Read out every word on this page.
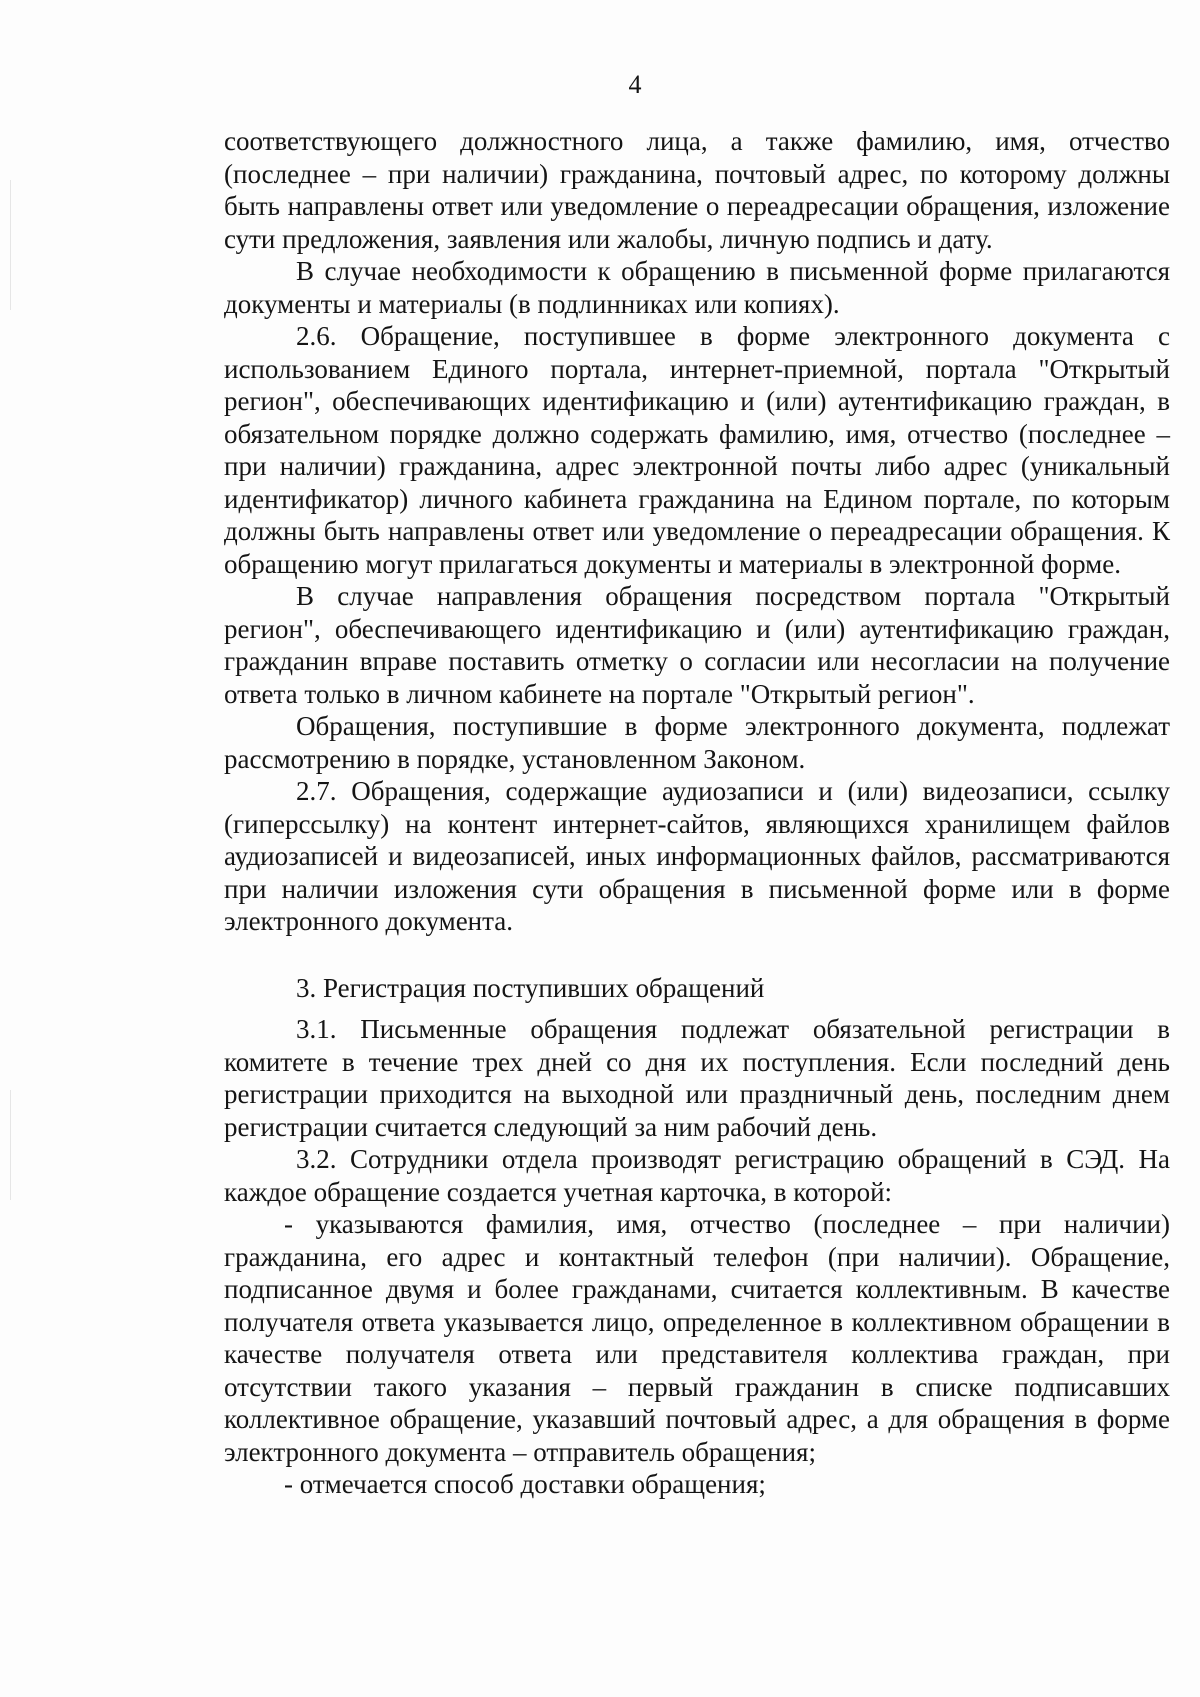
4

соответствующего должностного лица, а также фамилию, имя, отчество (последнее – при наличии) гражданина, почтовый адрес, по которому должны быть направлены ответ или уведомление о переадресации обращения, изложение сути предложения, заявления или жалобы, личную подпись и дату.

В случае необходимости к обращению в письменной форме прилагаются документы и материалы (в подлинниках или копиях).

2.6. Обращение, поступившее в форме электронного документа с использованием Единого портала, интернет-приемной, портала "Открытый регион", обеспечивающих идентификацию и (или) аутентификацию граждан, в обязательном порядке должно содержать фамилию, имя, отчество (последнее – при наличии) гражданина, адрес электронной почты либо адрес (уникальный идентификатор) личного кабинета гражданина на Едином портале, по которым должны быть направлены ответ или уведомление о переадресации обращения. К обращению могут прилагаться документы и материалы в электронной форме.

В случае направления обращения посредством портала "Открытый регион", обеспечивающего идентификацию и (или) аутентификацию граждан, гражданин вправе поставить отметку о согласии или несогласии на получение ответа только в личном кабинете на портале "Открытый регион".

Обращения, поступившие в форме электронного документа, подлежат рассмотрению в порядке, установленном Законом.

2.7. Обращения, содержащие аудиозаписи и (или) видеозаписи, ссылку (гиперссылку) на контент интернет-сайтов, являющихся хранилищем файлов аудиозаписей и видеозаписей, иных информационных файлов, рассматриваются при наличии изложения сути обращения в письменной форме или в форме электронного документа.

3. Регистрация поступивших обращений

3.1. Письменные обращения подлежат обязательной регистрации в комитете в течение трех дней со дня их поступления. Если последний день регистрации приходится на выходной или праздничный день, последним днем регистрации считается следующий за ним рабочий день.

3.2. Сотрудники отдела производят регистрацию обращений в СЭД. На каждое обращение создается учетная карточка, в которой:

- указываются фамилия, имя, отчество (последнее – при наличии) гражданина, его адрес и контактный телефон (при наличии). Обращение, подписанное двумя и более гражданами, считается коллективным. В качестве получателя ответа указывается лицо, определенное в коллективном обращении в качестве получателя ответа или представителя коллектива граждан, при отсутствии такого указания – первый гражданин в списке подписавших коллективное обращение, указавший почтовый адрес, а для обращения в форме электронного документа – отправитель обращения;

- отмечается способ доставки обращения;
